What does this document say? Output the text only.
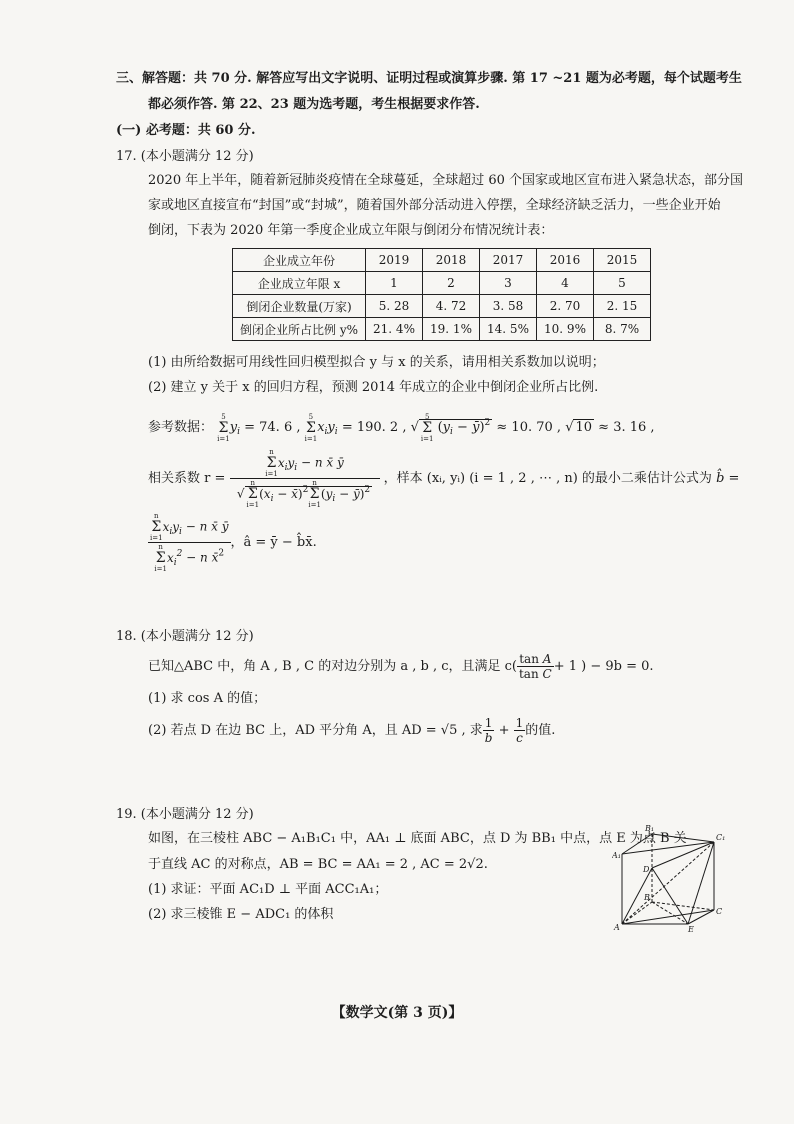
三、解答题：共 70 分. 解答应写出文字说明、证明过程或演算步骤. 第 17 ~21 题为必考题，每个试题考生
都必须作答. 第 22、23 题为选考题，考生根据要求作答.
(一) 必考题：共 60 分.
17. (本小题满分 12 分)
2020 年上半年，随着新冠肺炎疫情在全球蔓延，全球超过 60 个国家或地区宣布进入紧急状态，部分国
家或地区直接宣布“封国”或“封城”，随着国外部分活动进入停摆，全球经济缺乏活力，一些企业开始
倒闭，下表为 2020 年第一季度企业成立年限与倒闭分布情况统计表：
企业成立年份	2019	2018	2017	2016	2015
企业成立年限 x	1	2	3	4	5
倒闭企业数量(万家)	5. 28	4. 72	3. 58	2. 70	2. 15
倒闭企业所占比例 y%	21. 4%	19. 1%	14. 5%	10. 9%	8. 7%
(1) 由所给数据可用线性回归模型拟合 y 与 x 的关系，请用相关系数加以说明；
(2) 建立 y 关于 x 的回归方程，预测 2014 年成立的企业中倒闭企业所占比例.
参考数据：
5
Σ
i=1
$y_i = 74$. 6 ,
5
Σ
i=1
$x_iy_i = 190$. 2 , √
5
Σ
i=1
($y_i$ − ȳ)$^2$ ≈ 10. 70 , √ 10 ≈ 3. 16 ,
相关系数 r = n
Σ
i=1
$x_iy_i - n$ x̄ ȳ
√
n
Σ
i=1
($x_i$ − x̄)$^2$
n
Σ
i=1
($y_i$ − ȳ)$^2$ ，样本 (xᵢ, yᵢ) (i = 1 , 2 , ⋯ , n) 的最小二乘估计公式为 b̂ =
n
Σ
i=1
$x_iy_i - n$ x̄ ȳ
n
Σ
i=1
$x_i^2 - n$ x̄$^2$ ，â = ȳ − b̂x̄.
18. (本小题满分 12 分)
已知△ABC 中，角 A , B , C 的对边分别为 a , b , c，且满足 $c( \frac{\text{tan A}}{\text{tan C}} + 1$ ) − 9b = 0.
(1) 求 cos A 的值；
(2) 若点 D 在边 BC 上，AD 平分角 A，且 AD = √5 , 求 $\frac{1}{b} + \frac{1}{c}$ 的值.
19. (本小题满分 12 分)
如图，在三棱柱 ABC − A₁B₁C₁ 中，AA₁ ⊥ 底面 ABC，点 D 为 BB₁ 中点，点 E 为点 B 关
于直线 AC 的对称点，AB = BC = AA₁ = 2 , AC = 2√2.
(1) 求证：平面 AC₁D ⊥ 平面 ACC₁A₁；
(2) 求三棱锥 E − ADC₁ 的体积
B₁
C₁
A₁
D
B
C
A	E
【数学文(第 3 页)】
